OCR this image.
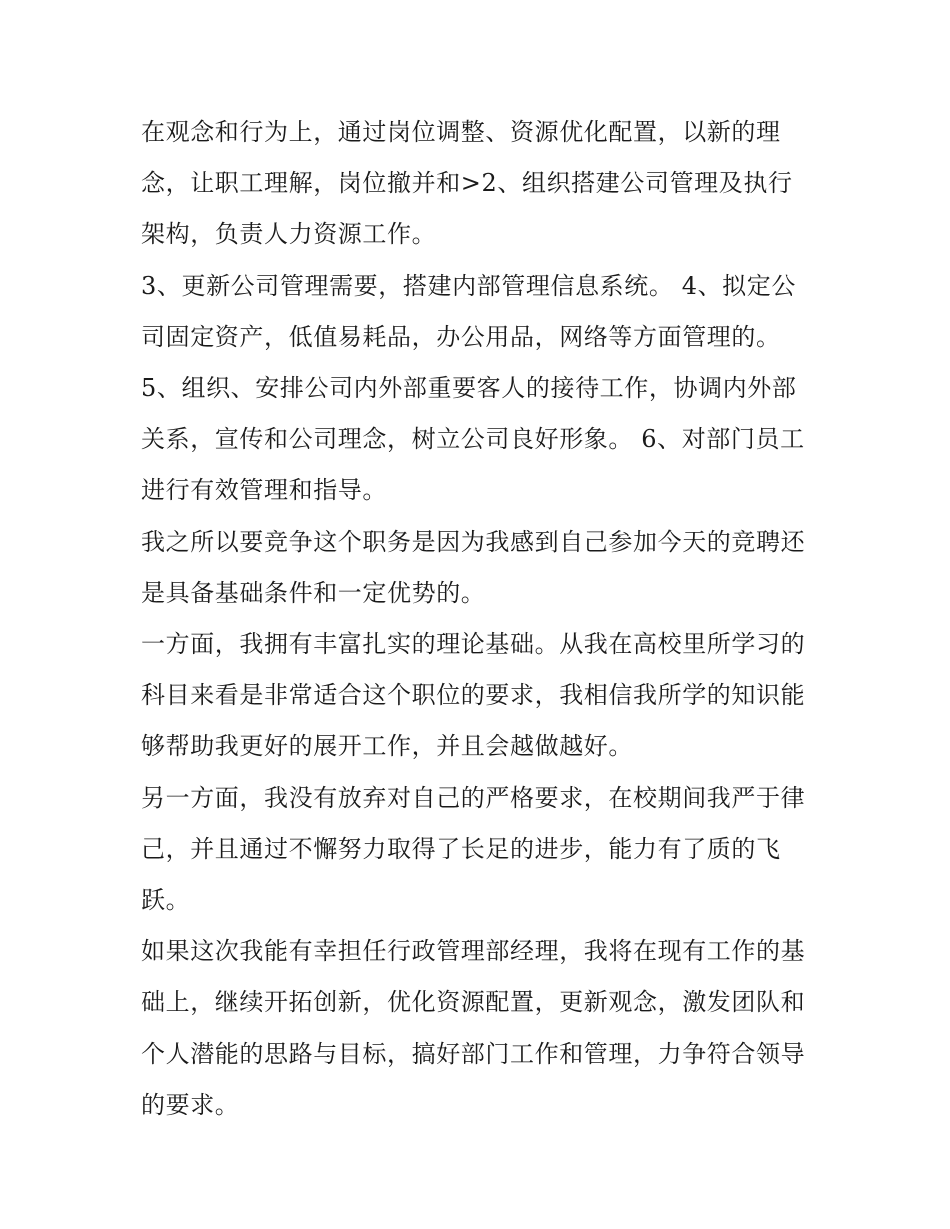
在观念和行为上，通过岗位调整、资源优化配置，以新的理念，让职工理解，岗位撤并和>2、组织搭建公司管理及执行架构，负责人力资源工作。

3、更新公司管理需要，搭建内部管理信息系统。 4、拟定公司固定资产，低值易耗品，办公用品，网络等方面管理的。

5、组织、安排公司内外部重要客人的接待工作，协调内外部关系，宣传和公司理念，树立公司良好形象。 6、对部门员工进行有效管理和指导。

我之所以要竞争这个职务是因为我感到自己参加今天的竞聘还是具备基础条件和一定优势的。

一方面，我拥有丰富扎实的理论基础。从我在高校里所学习的科目来看是非常适合这个职位的要求，我相信我所学的知识能够帮助我更好的展开工作，并且会越做越好。

另一方面，我没有放弃对自己的严格要求，在校期间我严于律己，并且通过不懈努力取得了长足的进步，能力有了质的飞跃。

如果这次我能有幸担任行政管理部经理，我将在现有工作的基础上，继续开拓创新，优化资源配置，更新观念，激发团队和个人潜能的思路与目标，搞好部门工作和管理，力争符合领导的要求。
